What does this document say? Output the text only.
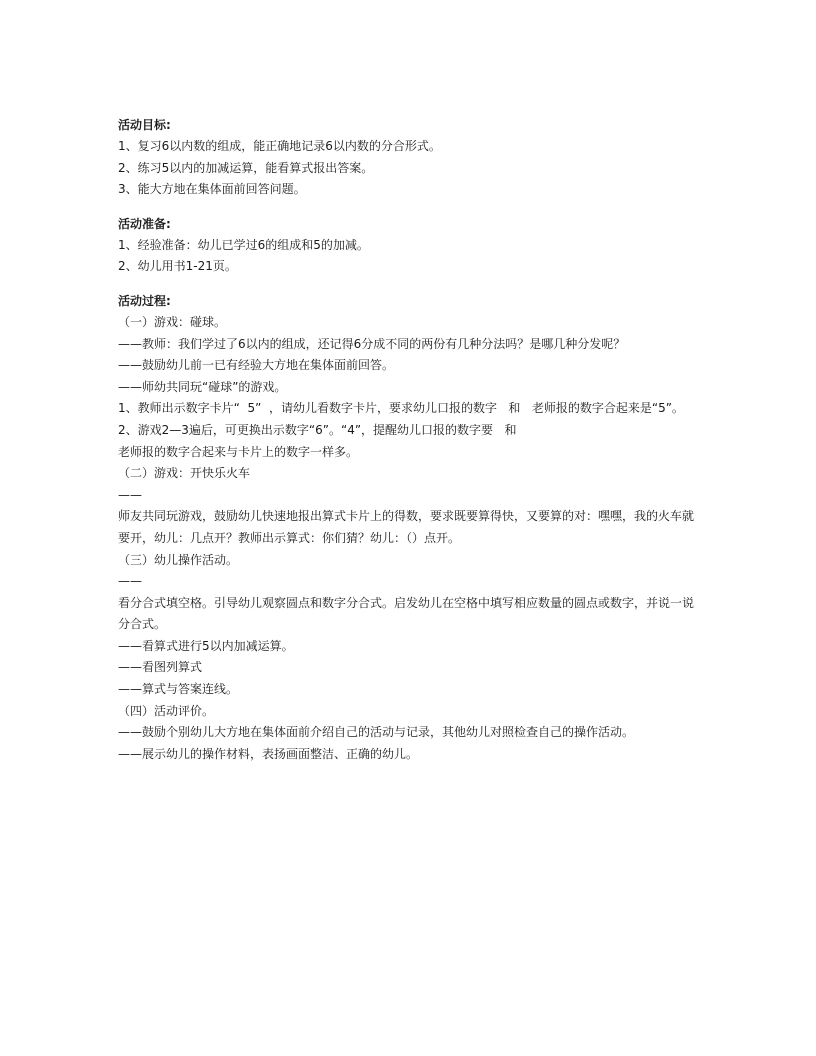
活动目标:

1、复习6以内数的组成，能正确地记录6以内数的分合形式。

2、练习5以内的加减运算，能看算式报出答案。

3、能大方地在集体面前回答问题。

活动准备:

1、经验准备：幼儿已学过6的组成和5的加减。

2、幼儿用书1-21页。

活动过程:

（一）游戏：碰球。

——教师：我们学过了6以内的组成，还记得6分成不同的两份有几种分法吗？是哪几种分发呢？

——鼓励幼儿前一已有经验大方地在集体面前回答。

——师幼共同玩“碰球”的游戏。

1、教师出示数字卡片“  5”  ，请幼儿看数字卡片，要求幼儿口报的数字   和   老师报的数字合起来是“5”。

2、游戏2—3遍后，可更换出示数字“6”。“4”，提醒幼儿口报的数字要   和

老师报的数字合起来与卡片上的数字一样多。

（二）游戏：开快乐火车

——

师友共同玩游戏，鼓励幼儿快速地报出算式卡片上的得数，要求既要算得快，又要算的对：嘿嘿，我的火车就

要开，幼儿：几点开？教师出示算式：你们猜？幼儿：（）点开。

（三）幼儿操作活动。

——

看分合式填空格。引导幼儿观察圆点和数字分合式。启发幼儿在空格中填写相应数量的圆点或数字，并说一说

分合式。

——看算式进行5以内加减运算。

——看图列算式

——算式与答案连线。

（四）活动评价。

——鼓励个别幼儿大方地在集体面前介绍自己的活动与记录，其他幼儿对照检查自己的操作活动。

——展示幼儿的操作材料，表扬画面整洁、正确的幼儿。
